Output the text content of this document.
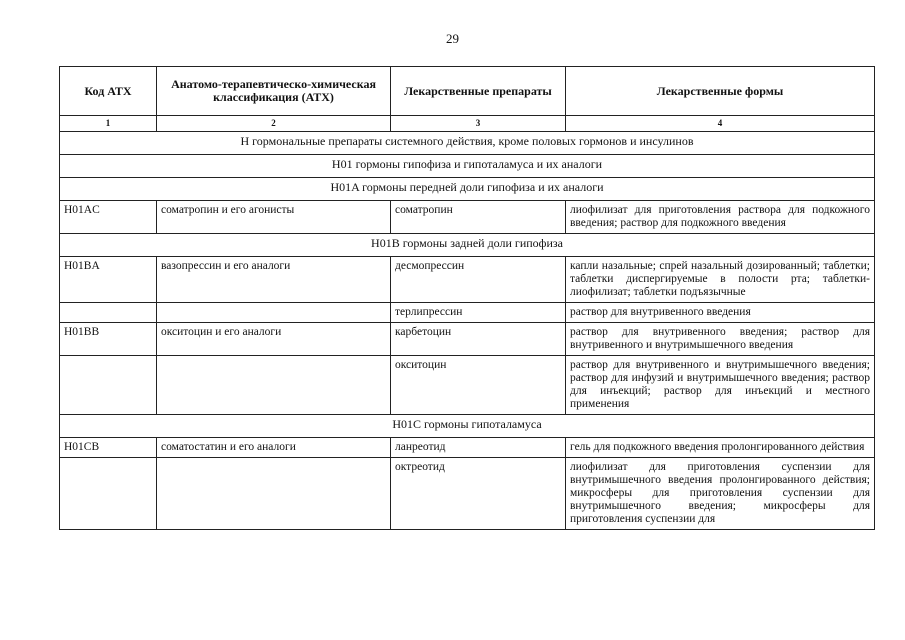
29
Код АТХ	Анатомо-терапевтическо-химическая классификация (АТХ)	Лекарственные препараты	Лекарственные формы
1	2	3	4
H гормональные препараты системного действия, кроме половых гормонов и инсулинов			
H01 гормоны гипофиза и гипоталамуса и их аналоги			
H01A гормоны передней доли гипофиза и их аналоги			
H01AC	соматропин и его агонисты	соматропин	лиофилизат для приготовления раствора для подкожного введения; раствор для подкожного введения
H01B гормоны задней доли гипофиза			
H01BA	вазопрессин и его аналоги	десмопрессин	капли назальные; спрей назальный дозированный; таблетки; таблетки диспергируемые в полости рта; таблетки-лиофилизат; таблетки подъязычные
		терлипрессин	раствор для внутривенного введения
H01BB	окситоцин и его аналоги	карбетоцин	раствор для внутривенного введения; раствор для внутривенного и внутримышечного введения
		окситоцин	раствор для внутривенного и внутримышечного введения; раствор для инфузий и внутримышечного введения; раствор для инъекций; раствор для инъекций и местного применения
H01C гормоны гипоталамуса			
H01CB	соматостатин и его аналоги	ланреотид	гель для подкожного введения пролонгированного действия
		октреотид	лиофилизат для приготовления суспензии для внутримышечного введения пролонгированного действия; микросферы для приготовления суспензии для внутримышечного введения; микросферы для приготовления суспензии для
